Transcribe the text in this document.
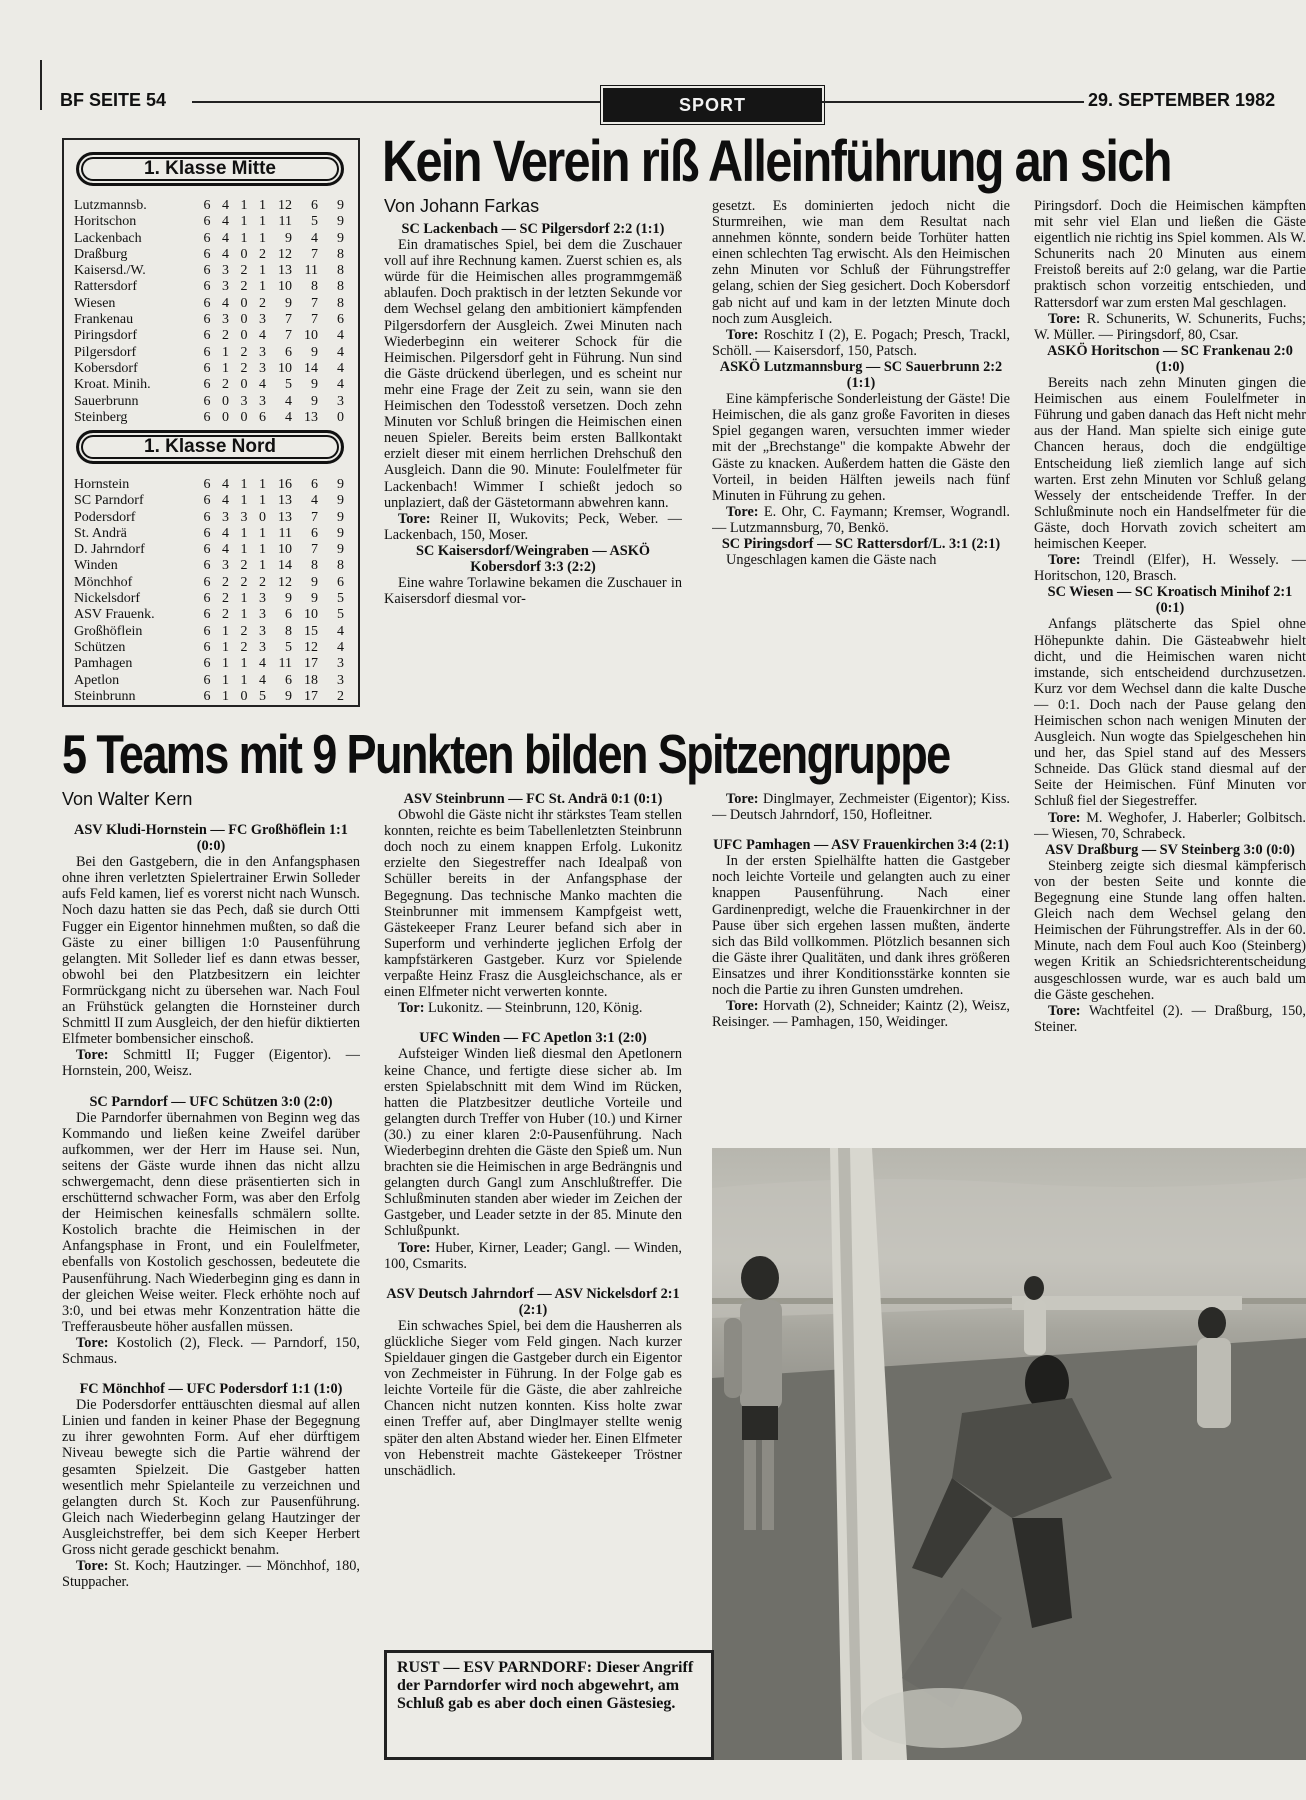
BF SEITE 54	SPORT	29. SEPTEMBER 1982
1. Klasse Mitte
Lutzmannsb.	6 4 1 1 12	6	9
Horitschon	6 4 1 1 11	5	9
Lackenbach	6 4 1 1	9	4	9
Draßburg	6 4 0 2 12	7	8
Kaisersd./W.	6 3 2 1 13 11	8
Rattersdorf	6 3 2 1 10	8	8
Wiesen	6 4 0 2	9	7	8
Frankenau	6 3 0 3	7	7	6
Piringsdorf	6 2 0 4	7 10	4
Pilgersdorf	6 1 2 3	6	9	4
Kobersdorf	6 1 2 3 10 14	4
Kroat. Minih.	6 2 0 4	5	9	4
Sauerbrunn	6 0 3 3	4	9	3
Steinberg	6 0 0 6	4 13	0
1. Klasse Nord
Hornstein	6 4 1 1 16	6	9
SC Parndorf	6 4 1 1 13	4	9
Podersdorf	6 3 3 0 13	7	9
St. Andrä	6 4 1 1 11	6	9
D. Jahrndorf	6 4 1 1 10	7	9
Winden	6 3 2 1 14	8	8
Mönchhof	6 2 2 2 12	9	6
Nickelsdorf	6 2 1 3	9	9	5
ASV Frauenk.	6 2 1 3	6 10	5
Großhöflein	6 1 2 3	8 15	4
Schützen	6 1 2 3	5 12	4
Pamhagen	6 1 1 4 11 17	3
Apetlon	6 1 1 4	6 18	3
Steinbrunn	6 1 0 5	9 17	2
Kein Verein riß Alleinführung an sich
Von Johann Farkas

SC Lackenbach — SC Pilgersdorf 2:2 (1:1)

Ein dramatisches Spiel, bei dem die Zuschauer voll auf ihre Rechnung kamen. Zuerst schien es, als würde für die Heimischen alles programmgemäß ablaufen. Doch praktisch in der letzten Sekunde vor dem Wechsel gelang den ambitioniert kämpfenden Pilgersdorfern der Ausgleich. Zwei Minuten nach Wiederbeginn ein weiterer Schock für die Heimischen. Pilgersdorf geht in Führung. Nun sind die Gäste drückend überlegen, und es scheint nur mehr eine Frage der Zeit zu sein, wann sie den Heimischen den Todesstoß versetzen. Doch zehn Minuten vor Schluß bringen die Heimischen einen neuen Spieler. Bereits beim ersten Ballkontakt erzielt dieser mit einem herrlichen Drehschuß den Ausgleich. Dann die 90. Minute: Foulelfmeter für Lackenbach! Wimmer I schießt jedoch so unplaziert, daß der Gästetormann abwehren kann.

Tore: Reiner II, Wukovits; Peck, Weber. — Lackenbach, 150, Moser.

SC Kaisersdorf/Weingraben — ASKÖ Kobersdorf 3:3 (2:2)

Eine wahre Torlawine bekamen die Zuschauer in Kaisersdorf diesmal vor-

gesetzt. Es dominierten jedoch nicht die Sturmreihen, wie man dem Resultat nach annehmen könnte, sondern beide Torhüter hatten einen schlechten Tag erwischt. Als den Heimischen zehn Minuten vor Schluß der Führungstreffer gelang, schien der Sieg gesichert. Doch Kobersdorf gab nicht auf und kam in der letzten Minute doch noch zum Ausgleich.

Tore: Roschitz I (2), E. Pogach; Presch, Trackl, Schöll. — Kaisersdorf, 150, Patsch.

ASKÖ Lutzmannsburg — SC Sauerbrunn 2:2 (1:1)

Eine kämpferische Sonderleistung der Gäste! Die Heimischen, die als ganz große Favoriten in dieses Spiel gegangen waren, versuchten immer wieder mit der „Brechstange" die kompakte Abwehr der Gäste zu knacken. Außerdem hatten die Gäste den Vorteil, in beiden Hälften jeweils nach fünf Minuten in Führung zu gehen.

Tore: E. Ohr, C. Faymann; Kremser, Wograndl. — Lutzmannsburg, 70, Benkö.

SC Piringsdorf — SC Rattersdorf/L. 3:1 (2:1)

Ungeschlagen kamen die Gäste nach

Piringsdorf. Doch die Heimischen kämpften mit sehr viel Elan und ließen die Gäste eigentlich nie richtig ins Spiel kommen. Als W. Schunerits nach 20 Minuten aus einem Freistoß bereits auf 2:0 gelang, war die Partie praktisch schon vorzeitig entschieden, und Rattersdorf war zum ersten Mal geschlagen.

Tore: R. Schunerits, W. Schunerits, Fuchs; W. Müller. — Piringsdorf, 80, Csar.

ASKÖ Horitschon — SC Frankenau 2:0 (1:0)

Bereits nach zehn Minuten gingen die Heimischen aus einem Foulelfmeter in Führung und gaben danach das Heft nicht mehr aus der Hand. Man spielte sich einige gute Chancen heraus, doch die endgültige Entscheidung ließ ziemlich lange auf sich warten. Erst zehn Minuten vor Schluß gelang Wessely der entscheidende Treffer. In der Schlußminute noch ein Handselfmeter für die Gäste, doch Horvath zovich scheitert am heimischen Keeper.

Tore: Treindl (Elfer), H. Wessely. — Horitschon, 120, Brasch.

SC Wiesen — SC Kroatisch Minihof 2:1 (0:1)

Anfangs plätscherte das Spiel ohne Höhepunkte dahin. Die Gästeabwehr hielt dicht, und die Heimischen waren nicht imstande, sich entscheidend durchzusetzen. Kurz vor dem Wechsel dann die kalte Dusche — 0:1. Doch nach der Pause gelang den Heimischen schon nach wenigen Minuten der Ausgleich. Nun wogte das Spielgeschehen hin und her, das Spiel stand auf des Messers Schneide. Das Glück stand diesmal auf der Seite der Heimischen. Fünf Minuten vor Schluß fiel der Siegestreffer.

Tore: M. Weghofer, J. Haberler; Golbitsch. — Wiesen, 70, Schrabeck.

ASV Draßburg — SV Steinberg 3:0 (0:0)

Steinberg zeigte sich diesmal kämpferisch von der besten Seite und konnte die Begegnung eine Stunde lang offen halten. Gleich nach dem Wechsel gelang den Heimischen der Führungstreffer. Als in der 60. Minute, nach dem Foul auch Koo (Steinberg) wegen Kritik an Schiedsrichterentscheidung ausgeschlossen wurde, war es auch bald um die Gäste geschehen.

Tore: Wachtfeitel (2). — Draßburg, 150, Steiner.

5 Teams mit 9 Punkten bilden Spitzengruppe
Von Walter Kern

ASV Kludi-Hornstein — FC Großhöflein 1:1 (0:0)

Bei den Gastgebern, die in den Anfangsphasen ohne ihren verletzten Spielertrainer Erwin Solleder aufs Feld kamen, lief es vorerst nicht nach Wunsch. Noch dazu hatten sie das Pech, daß sie durch Otti Fugger ein Eigentor hinnehmen mußten, so daß die Gäste zu einer billigen 1:0 Pausenführung gelangten. Mit Solleder lief es dann etwas besser, obwohl bei den Platzbesitzern ein leichter Formrückgang nicht zu übersehen war. Nach Foul an Frühstück gelangten die Hornsteiner durch Schmittl II zum Ausgleich, der den hiefür diktierten Elfmeter bombensicher einschoß.

Tore: Schmittl II; Fugger (Eigentor). — Hornstein, 200, Weisz.

SC Parndorf — UFC Schützen 3:0 (2:0)

Die Parndorfer übernahmen von Beginn weg das Kommando und ließen keine Zweifel darüber aufkommen, wer der Herr im Hause sei. Nun, seitens der Gäste wurde ihnen das nicht allzu schwergemacht, denn diese präsentierten sich in erschütternd schwacher Form, was aber den Erfolg der Heimischen keinesfalls schmälern sollte. Kostolich brachte die Heimischen in der Anfangsphase in Front, und ein Foulelfmeter, ebenfalls von Kostolich geschossen, bedeutete die Pausenführung. Nach Wiederbeginn ging es dann in der gleichen Weise weiter. Fleck erhöhte noch auf 3:0, und bei etwas mehr Konzentration hätte die Trefferausbeute höher ausfallen müssen.

Tore: Kostolich (2), Fleck. — Parndorf, 150, Schmaus.

FC Mönchhof — UFC Podersdorf 1:1 (1:0)

Die Podersdorfer enttäuschten diesmal auf allen Linien und fanden in keiner Phase der Begegnung zu ihrer gewohnten Form. Auf eher dürftigem Niveau bewegte sich die Partie während der gesamten Spielzeit. Die Gastgeber hatten wesentlich mehr Spielanteile zu verzeichnen und gelangten durch St. Koch zur Pausenführung. Gleich nach Wiederbeginn gelang Hautzinger der Ausgleichstreffer, bei dem sich Keeper Herbert Gross nicht gerade geschickt benahm.

Tore: St. Koch; Hautzinger. — Mönchhof, 180, Stuppacher.

ASV Steinbrunn — FC St. Andrä 0:1 (0:1)

Obwohl die Gäste nicht ihr stärkstes Team stellen konnten, reichte es beim Tabellenletzten Steinbrunn doch noch zu einem knappen Erfolg. Lukonitz erzielte den Siegestreffer nach Idealpaß von Schüller bereits in der Anfangsphase der Begegnung. Das technische Manko machten die Steinbrunner mit immensem Kampfgeist wett, Gästekeeper Franz Leurer befand sich aber in Superform und verhinderte jeglichen Erfolg der kampfstärkeren Gastgeber. Kurz vor Spielende verpaßte Heinz Frasz die Ausgleichschance, als er einen Elfmeter nicht verwerten konnte.

Tor: Lukonitz. — Steinbrunn, 120, König.

UFC Winden — FC Apetlon 3:1 (2:0)

Aufsteiger Winden ließ diesmal den Apetlonern keine Chance, und fertigte diese sicher ab. Im ersten Spielabschnitt mit dem Wind im Rücken, hatten die Platzbesitzer deutliche Vorteile und gelangten durch Treffer von Huber (10.) und Kirner (30.) zu einer klaren 2:0-Pausenführung. Nach Wiederbeginn drehten die Gäste den Spieß um. Nun brachten sie die Heimischen in arge Bedrängnis und gelangten durch Gangl zum Anschlußtreffer. Die Schlußminuten standen aber wieder im Zeichen der Gastgeber, und Leader setzte in der 85. Minute den Schlußpunkt.

Tore: Huber, Kirner, Leader; Gangl. — Winden, 100, Csmarits.

ASV Deutsch Jahrndorf — ASV Nickelsdorf 2:1 (2:1)

Ein schwaches Spiel, bei dem die Hausherren als glückliche Sieger vom Feld gingen. Nach kurzer Spieldauer gingen die Gastgeber durch ein Eigentor von Zechmeister in Führung. In der Folge gab es leichte Vorteile für die Gäste, die aber zahlreiche Chancen nicht nutzen konnten. Kiss holte zwar einen Treffer auf, aber Dinglmayer stellte wenig später den alten Abstand wieder her. Einen Elfmeter von Hebenstreit machte Gästekeeper Tröstner unschädlich.

Tore: Dinglmayer, Zechmeister (Eigentor); Kiss. — Deutsch Jahrndorf, 150, Hofleitner.

UFC Pamhagen — ASV Frauenkirchen 3:4 (2:1)

In der ersten Spielhälfte hatten die Gastgeber noch leichte Vorteile und gelangten auch zu einer knappen Pausenführung. Nach einer Gardinenpredigt, welche die Frauenkirchner in der Pause über sich ergehen lassen mußten, änderte sich das Bild vollkommen. Plötzlich besannen sich die Gäste ihrer Qualitäten, und dank ihres größeren Einsatzes und ihrer Konditionsstärke konnten sie noch die Partie zu ihren Gunsten umdrehen.

Tore: Horvath (2), Schneider; Kaintz (2), Weisz, Reisinger. — Pamhagen, 150, Weidinger.

RUST — ESV PARNDORF: Dieser Angriff der Parndorfer wird noch abgewehrt, am Schluß gab es aber doch einen Gästesieg.
